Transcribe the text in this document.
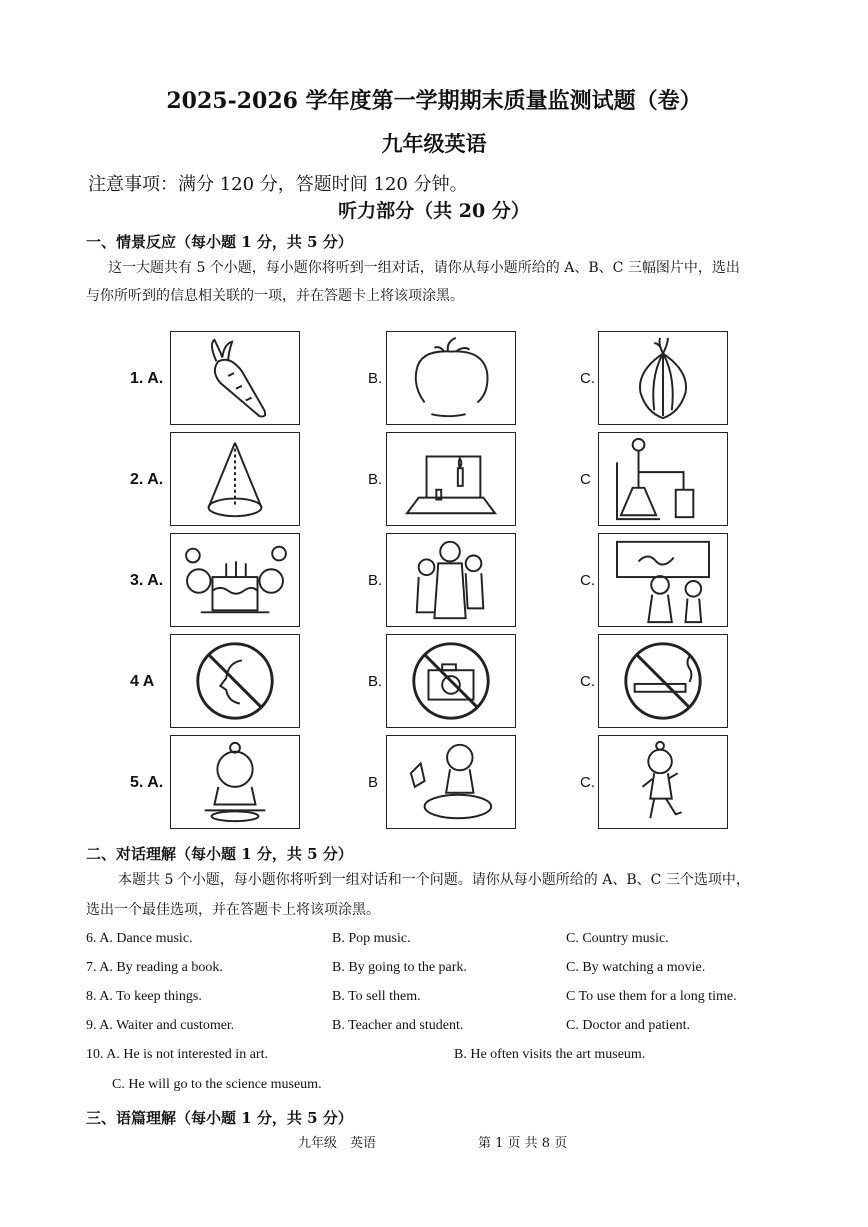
2025-2026 学年度第一学期期末质量监测试题（卷）
九年级英语
注意事项：满分 120 分，答题时间 120 分钟。
听力部分（共 20 分）
一、情景反应（每小题 1 分，共 5 分）
这一大题共有 5 个小题，每小题你将听到一组对话，请你从每小题所给的 A、B、C 三幅图片中，选出
与你所听到的信息相关联的一项，并在答题卡上将该项涂黑。
1. A.	B.	C.
2. A.	B.	C
3. A.	B.	C.
4 A	B.	C.
5. A.	B	C.
二、对话理解（每小题 1 分，共 5 分）
本题共 5 个小题，每小题你将听到一组对话和一个问题。请你从每小题所给的 A、B、C 三个选项中，
选出一个最佳选项，并在答题卡上将该项涂黑。
6. A. Dance music.	B. Pop music.	C. Country music.
7. A. By reading a book.	B. By going to the park.	C. By watching a movie.
8. A. To keep things.	B. To sell them.	C To use them for a long time.
9. A. Waiter and customer.	B. Teacher and student.	C. Doctor and patient.
10. A. He is not interested in art.	B. He often visits the art museum.
C. He will go to the science museum.
三、语篇理解（每小题 1 分，共 5 分）
九年级　英语	第 1 页 共 8 页
